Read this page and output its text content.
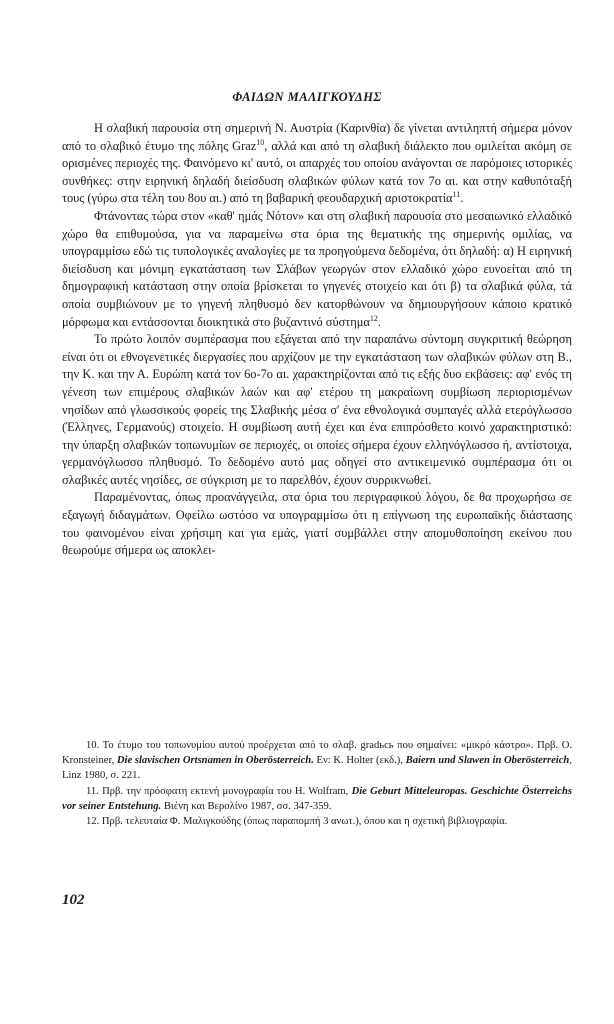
ΦΑΙΔΩΝ ΜΑΛΙΓΚΟΥΔΗΣ

Η σλαβική παρουσία στη σημερινή Ν. Αυστρία (Καρινθία) δε γίνεται αντιληπτή σήμερα μόνον από το σλαβικό έτυμο της πόλης Graz$^{10}$, αλλά και από τη σλαβική διάλεκτο που ομιλείται ακόμη σε ορισμένες περιοχές της. Φαινόμενο κι' αυτό, οι απαρχές του οποίου ανάγονται σε παρόμοιες ιστορικές συνθήκες: στην ειρηνική δηλαδή διείσδυση σλαβικών φύλων κατά τον 7ο αι. και στην καθυπόταξή τους (γύρω στα τέλη του 8ου αι.) από τη βαβαρική φεουδαρχική αριστοκρατία$^{11}$.

Φτάνοντας τώρα στον «καθ' ημάς Νότον» και στη σλαβική παρουσία στο μεσαιωνικό ελλαδικό χώρο θα επιθυμούσα, για να παραμείνω στα όρια της θεματικής της σημερινής ομιλίας, να υπογραμμίσω εδώ τις τυπολογικές αναλογίες με τα προηγούμενα δεδομένα, ότι δηλαδή: α) Η ειρηνική διείσδυση και μόνιμη εγκατάσταση των Σλάβων γεωργών στον ελλαδικό χώρο ευνοείται από τη δημογραφική κατάσταση στην οποία βρίσκεται το γηγενές στοιχείο και ότι β) τα σλαβικά φύλα, τά οποία συμβιώνουν με το γηγενή πληθυσμό δεν κατορθώνουν να δημιουργήσουν κάποιο κρατικό μόρφωμα και εντάσσονται διοικητικά στο βυζαντινό σύστημα$^{12}$.

Το πρώτο λοιπόν συμπέρασμα που εξάγεται από την παραπάνω σύντομη συγκριτική θεώρηση είναι ότι οι εθνογενετικές διεργασίες που αρχίζουν με την εγκατάσταση των σλαβικών φύλων στη Β., την Κ. και την Α. Ευρώπη κατά τον 6ο-7ο αι. χαρακτηρίζονται από τις εξής δυο εκβάσεις: αφ' ενός τη γένεση των επιμέρους σλαβικών λαών και αφ' ετέρου τη μακραίωνη συμβίωση περιορισμένων νησίδων από γλωσσικούς φορείς της Σλαβικής μέσα σ' ένα εθνολογικά συμπαγές αλλά ετερόγλωσσο (Έλληνες, Γερμανούς) στοιχείο. Η συμβίωση αυτή έχει και ένα επιπρόσθετο κοινό χαρακτηριστικό: την ύπαρξη σλαβικών τοπωνυμίων σε περιοχές, οι οποίες σήμερα έχουν ελληνόγλωσσο ή, αντίστοιχα, γερμανόγλωσσο πληθυσμό. Το δεδομένο αυτό μας οδηγεί στο αντικειμενικό συμπέρασμα ότι οι σλαβικές αυτές νησίδες, σε σύγκριση με το παρελθόν, έχουν συρρικνωθεί.

Παραμένοντας, όπως προανάγγειλα, στα όρια του περιγραφικού λόγου, δε θα προχωρήσω σε εξαγωγή διδαγμάτων. Οφείλω ωστόσο να υπογραμμίσω ότι η επίγνωση της ευρωπαϊκής διάστασης του φαινομένου είναι χρήσιμη και για εμάς, γιατί συμβάλλει στην απομυθοποίηση εκείνου που θεωρούμε σήμερα ως αποκλει-

10. Το έτυμο του τοπωνυμίου αυτού προέρχεται από το σλαβ. gradьсь που σημαίνει: «μικρό κάστρο». Πρβ. O. Kronsteiner, Die slavischen Ortsnamen in Oberösterreich. Εν: K. Holter (εκδ.), Baiern und Slawen in Oberösterreich, Linz 1980, σ. 221.

11. Πρβ. την πρόσφατη εκτενή μονογραφία του H. Wolfram, Die Geburt Mitteleuropas. Geschichte Österreichs vor seiner Entstehung. Βιένη και Βερολίνο 1987, σσ. 347-359.

12. Πρβ. τελευταία Φ. Μαλιγκούδης (όπως παραπομπή 3 ανωτ.), όπου και η σχετική βιβλιογραφία.

102
